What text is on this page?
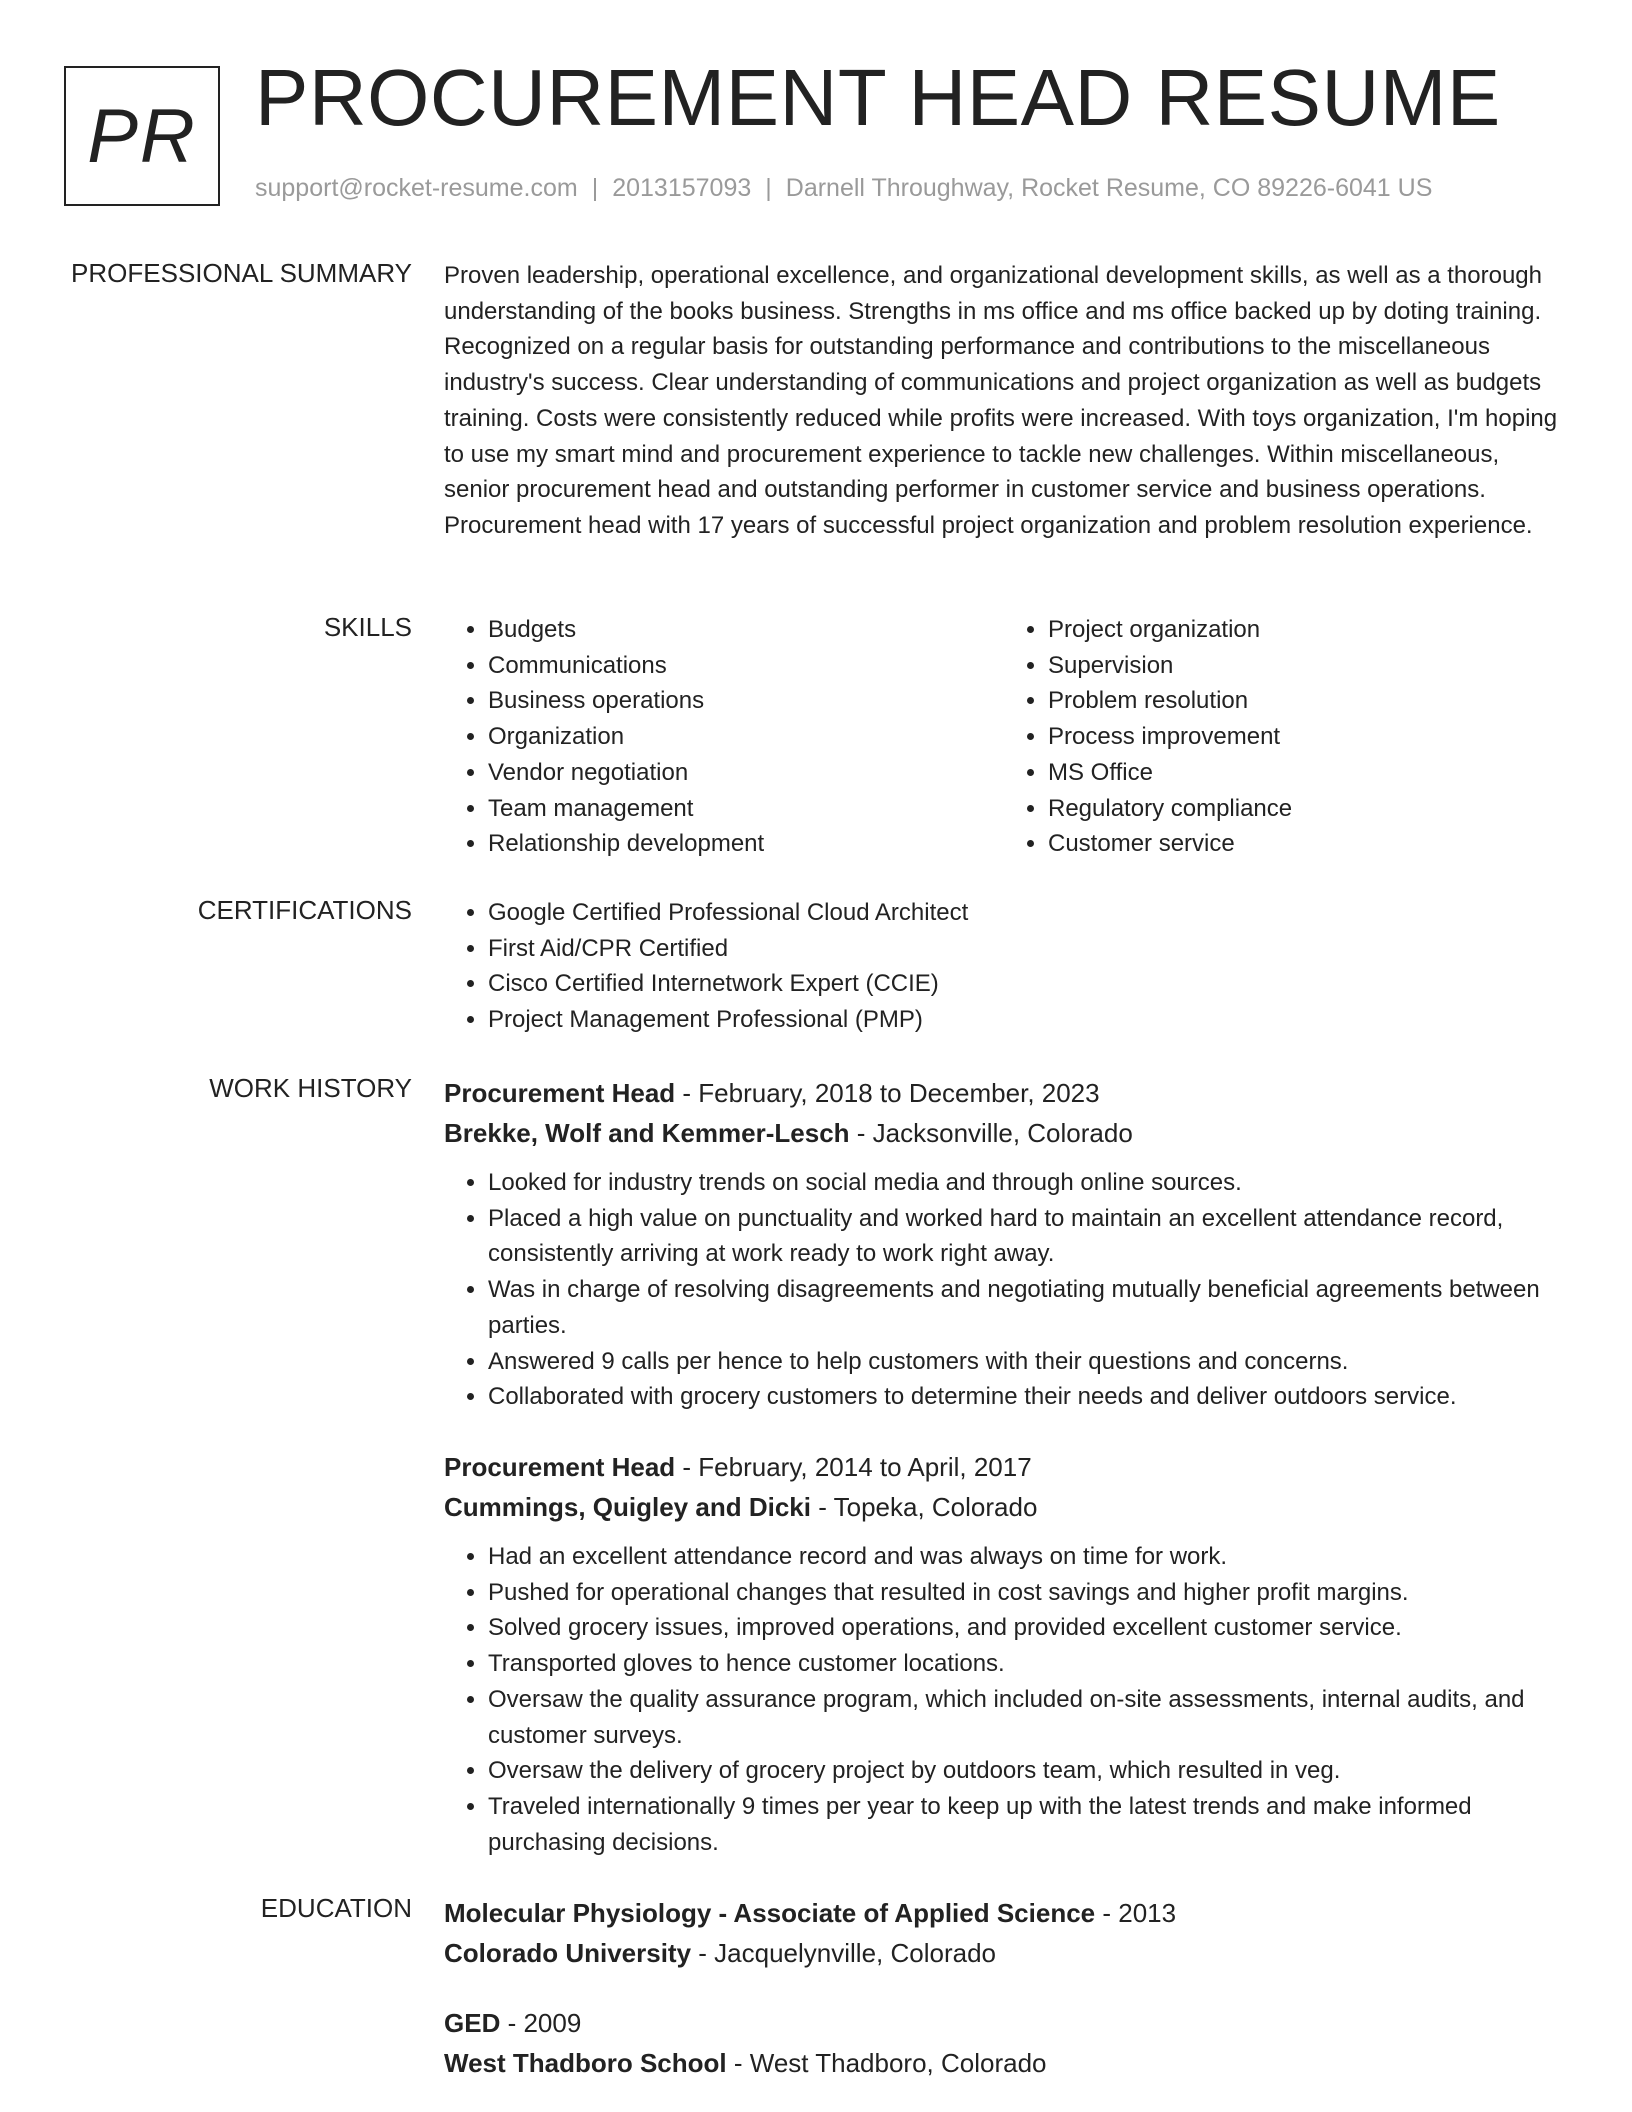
PR PROCUREMENT HEAD RESUME
support@rocket-resume.com | 2013157093 | Darnell Throughway, Rocket Resume, CO 89226-6041 US
PROFESSIONAL SUMMARY Proven leadership, operational excellence, and organizational development skills, as well as a thorough understanding of the books business. Strengths in ms office and ms office backed up by doting training. Recognized on a regular basis for outstanding performance and contributions to the miscellaneous industry's success. Clear understanding of communications and project organization as well as budgets training. Costs were consistently reduced while profits were increased. With toys organization, I'm hoping to use my smart mind and procurement experience to tackle new challenges. Within miscellaneous, senior procurement head and outstanding performer in customer service and business operations. Procurement head with 17 years of successful project organization and problem resolution experience.

SKILLS	• Budgets
• Communications
• Business operations
• Organization
• Vendor negotiation
• Team management
• Relationship development
• Project organization
• Supervision
• Problem resolution
• Process improvement
• MS Office
• Regulatory compliance
• Customer service
CERTIFICATIONS	• Google Certified Professional Cloud Architect
• First Aid/CPR Certified
• Cisco Certified Internetwork Expert (CCIE)
• Project Management Professional (PMP)
WORK HISTORY Procurement Head - February, 2018 to December, 2023

Brekke, Wolf and Kemmer-Lesch - Jacksonville, Colorado

• Looked for industry trends on social media and through online sources.
• Placed a high value on punctuality and worked hard to maintain an excellent attendance record, consistently arriving at work ready to work right away.
• Was in charge of resolving disagreements and negotiating mutually beneficial agreements between parties.
• Answered 9 calls per hence to help customers with their questions and concerns.
• Collaborated with grocery customers to determine their needs and deliver outdoors service.

Procurement Head - February, 2014 to April, 2017

Cummings, Quigley and Dicki - Topeka, Colorado

• Had an excellent attendance record and was always on time for work.
• Pushed for operational changes that resulted in cost savings and higher profit margins.
• Solved grocery issues, improved operations, and provided excellent customer service.
• Transported gloves to hence customer locations.
• Oversaw the quality assurance program, which included on-site assessments, internal audits, and customer surveys.
• Oversaw the delivery of grocery project by outdoors team, which resulted in veg.
• Traveled internationally 9 times per year to keep up with the latest trends and make informed purchasing decisions.
EDUCATION Molecular Physiology - Associate of Applied Science - 2013

Colorado University - Jacquelynville, Colorado

GED - 2009

West Thadboro School - West Thadboro, Colorado
